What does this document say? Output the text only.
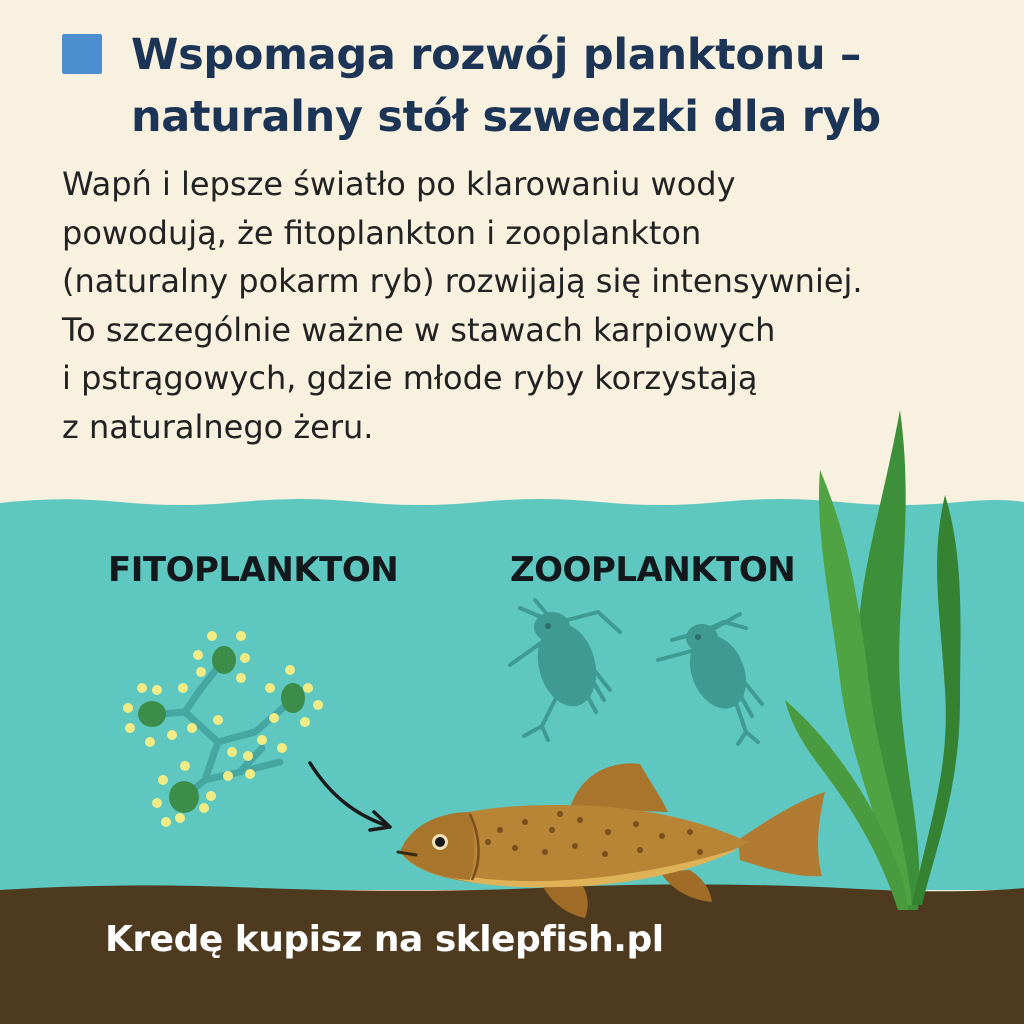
Wspomaga rozwój planktonu –
naturalny stół szwedzki dla ryb

Wapń i lepsze światło po klarowaniu wody
powodują, że fitoplankton i zooplankton
(naturalny pokarm ryb) rozwijają się intensywniej.
To szczególnie ważne w stawach karpiowych
i pstrągowych, gdzie młode ryby korzystają
z naturalnego żeru.

FITOPLANKTON	ZOOPLANKTON
Kredę kupisz na sklepfish.pl
